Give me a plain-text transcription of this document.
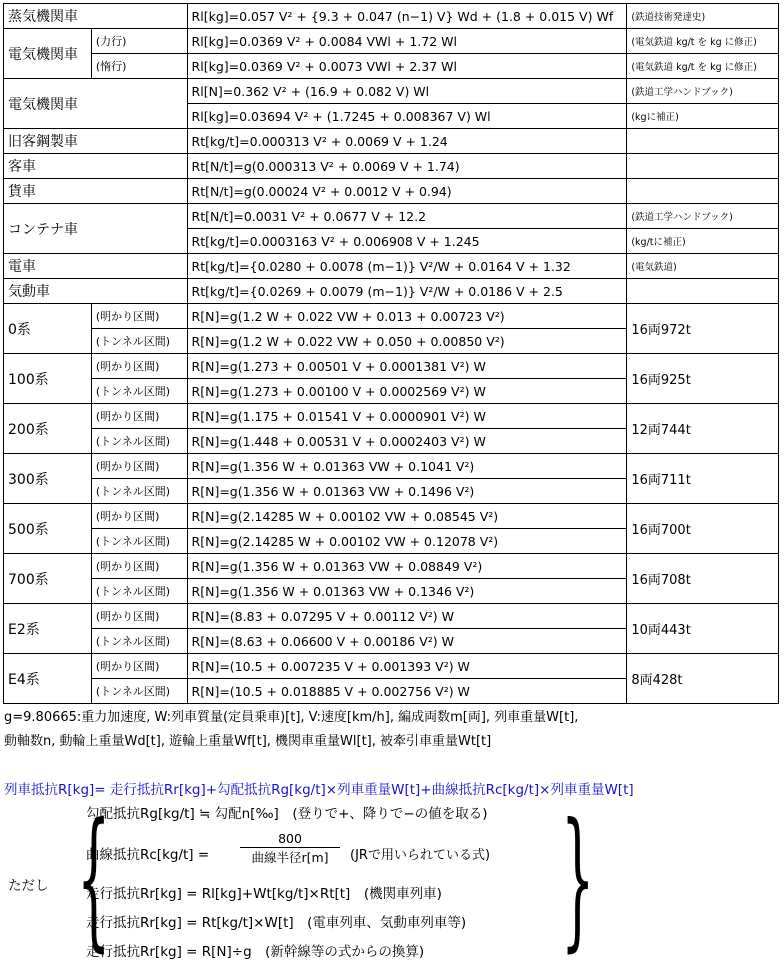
蒸気機関車		Rl[kg]=0.057 V² + {9.3 + 0.047 (n−1) V} Wd + (1.8 + 0.015 V) Wf	(鉄道技術発達史)
電気機関車	(力行)	Rl[kg]=0.0369 V² + 0.0084 VWl + 1.72 Wl	(電気鉄道 kg/t を kg に修正)
	(惰行)	Rl[kg]=0.0369 V² + 0.0073 VWl + 2.37 Wl	(電気鉄道 kg/t を kg に修正)
電気機関車		Rl[N]=0.362 V² + (16.9 + 0.082 V) Wl	(鉄道工学ハンドブック)
		Rl[kg]=0.03694 V² + (1.7245 + 0.008367 V) Wl	(kgに補正)
旧客鋼製車		Rt[kg/t]=0.000313 V² + 0.0069 V + 1.24	
客車		Rt[N/t]=g(0.000313 V² + 0.0069 V + 1.74)	
貨車		Rt[N/t]=g(0.00024 V² + 0.0012 V + 0.94)	
コンテナ車		Rt[N/t]=0.0031 V² + 0.0677 V + 12.2	(鉄道工学ハンドブック)
		Rt[kg/t]=0.0003163 V² + 0.006908 V + 1.245	(kg/tに補正)
電車		Rt[kg/t]={0.0280 + 0.0078 (m−1)} V²/W + 0.0164 V + 1.32	(電気鉄道)
気動車		Rt[kg/t]={0.0269 + 0.0079 (m−1)} V²/W + 0.0186 V + 2.5	
0系	(明かり区間)	R[N]=g(1.2 W + 0.022 VW + 0.013 + 0.00723 V²)	16両972t
	(トンネル区間)	R[N]=g(1.2 W + 0.022 VW + 0.050 + 0.00850 V²)	
100系	(明かり区間)	R[N]=g(1.273 + 0.00501 V + 0.0001381 V²) W	16両925t
	(トンネル区間)	R[N]=g(1.273 + 0.00100 V + 0.0002569 V²) W	
200系	(明かり区間)	R[N]=g(1.175 + 0.01541 V + 0.0000901 V²) W	12両744t
	(トンネル区間)	R[N]=g(1.448 + 0.00531 V + 0.0002403 V²) W	
300系	(明かり区間)	R[N]=g(1.356 W + 0.01363 VW + 0.1041 V²)	16両711t
	(トンネル区間)	R[N]=g(1.356 W + 0.01363 VW + 0.1496 V²)	
500系	(明かり区間)	R[N]=g(2.14285 W + 0.00102 VW + 0.08545 V²)	16両700t
	(トンネル区間)	R[N]=g(2.14285 W + 0.00102 VW + 0.12078 V²)	
700系	(明かり区間)	R[N]=g(1.356 W + 0.01363 VW + 0.08849 V²)	16両708t
	(トンネル区間)	R[N]=g(1.356 W + 0.01363 VW + 0.1346 V²)	
E2系	(明かり区間)	R[N]=(8.83 + 0.07295 V + 0.00112 V²) W	10両443t
	(トンネル区間)	R[N]=(8.63 + 0.06600 V + 0.00186 V²) W	
E4系	(明かり区間)	R[N]=(10.5 + 0.007235 V + 0.001393 V²) W	8両428t
	(トンネル区間)	R[N]=(10.5 + 0.018885 V + 0.002756 V²) W	
g=9.80665:重力加速度, W:列車質量(定員乗車)[t], V:速度[km/h], 編成両数m[両], 列車重量W[t],
動軸数n, 動輪上重量Wd[t], 遊輪上重量Wf[t], 機関車重量Wl[t], 被牽引車重量Wt[t]
列車抵抗R[kg]= 走行抵抗Rr[kg]+勾配抵抗Rg[kg/t]×列車重量W[t]+曲線抵抗Rc[kg/t]×列車重量W[t]
ただし {	}
勾配抵抗Rg[kg/t] ≒ 勾配n[‰]　(登りで+、降りで−の値を取る)
曲線抵抗Rc[kg/t] =
800
曲線半径r[m]	(JRで用いられている式)
走行抵抗Rr[kg] = Rl[kg]+Wt[kg/t]×Rt[t]　(機関車列車)
走行抵抗Rr[kg] = Rt[kg/t]×W[t]　(電車列車、気動車列車等)
走行抵抗Rr[kg] = R[N]÷g　(新幹線等の式からの換算)
